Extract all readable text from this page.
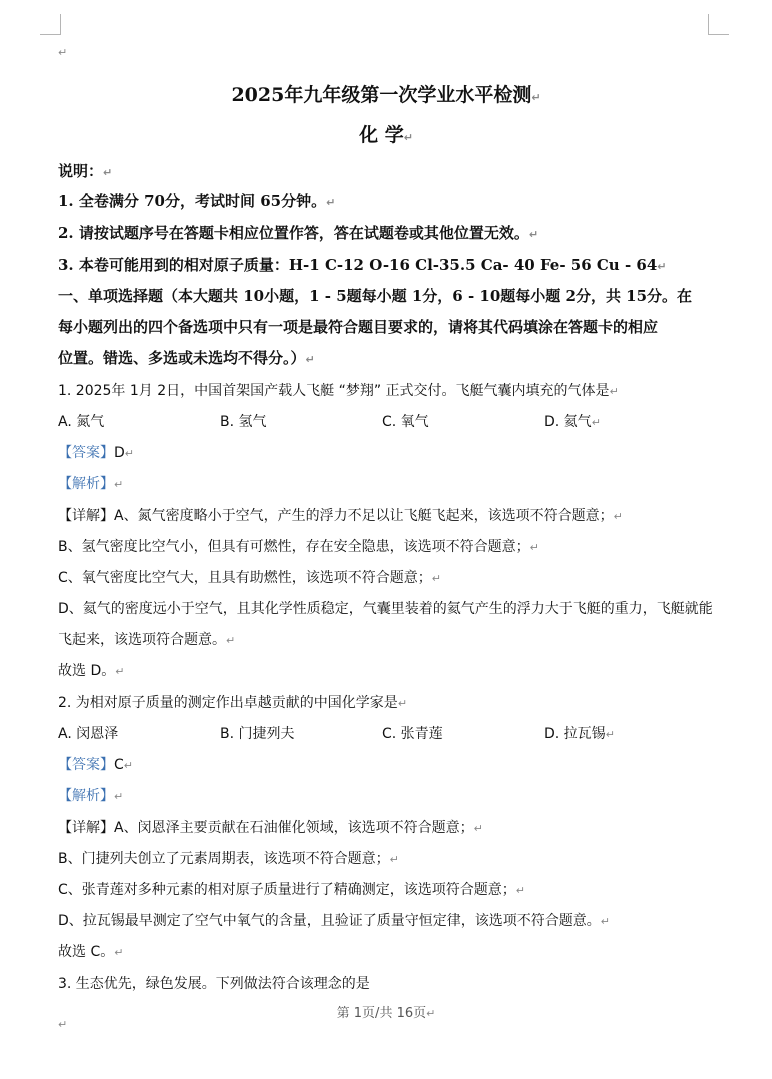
↵
2025年九年级第一次学业水平检测↵
化 学↵
说明：↵
1. 全卷满分 70分，考试时间 65分钟。↵
2. 请按试题序号在答题卡相应位置作答，答在试题卷或其他位置无效。↵
3. 本卷可能用到的相对原子质量：H-1 C-12 O-16 Cl-35.5 Ca- 40 Fe- 56 Cu - 64↵
一、单项选择题（本大题共 10小题，1 - 5题每小题 1分，6 - 10题每小题 2分，共 15分。在
每小题列出的四个备选项中只有一项是最符合题目要求的，请将其代码填涂在答题卡的相应
位置。错选、多选或未选均不得分。）↵
1. 2025年 1月 2日，中国首架国产载人飞艇 “梦翔” 正式交付。飞艇气囊内填充的气体是↵
A. 氮气	B. 氢气	C. 氧气	D. 氦气↵
【答案】D↵
【解析】↵
【详解】A、氮气密度略小于空气，产生的浮力不足以让飞艇飞起来，该选项不符合题意；↵
B、氢气密度比空气小，但具有可燃性，存在安全隐患，该选项不符合题意；↵
C、氧气密度比空气大，且具有助燃性，该选项不符合题意；↵
D、氦气的密度远小于空气，且其化学性质稳定，气囊里装着的氦气产生的浮力大于飞艇的重力，飞艇就能
飞起来，该选项符合题意。↵
故选 D。↵
2. 为相对原子质量的测定作出卓越贡献的中国化学家是↵
A. 闵恩泽	B. 门捷列夫	C. 张青莲	D. 拉瓦锡↵
【答案】C↵
【解析】↵
【详解】A、闵恩泽主要贡献在石油催化领域，该选项不符合题意；↵
B、门捷列夫创立了元素周期表，该选项不符合题意；↵
C、张青莲对多种元素的相对原子质量进行了精确测定，该选项符合题意；↵
D、拉瓦锡最早测定了空气中氧气的含量，且验证了质量守恒定律，该选项不符合题意。↵
故选 C。↵
3. 生态优先，绿色发展。下列做法符合该理念的是
第 1页/共 16页↵
↵
